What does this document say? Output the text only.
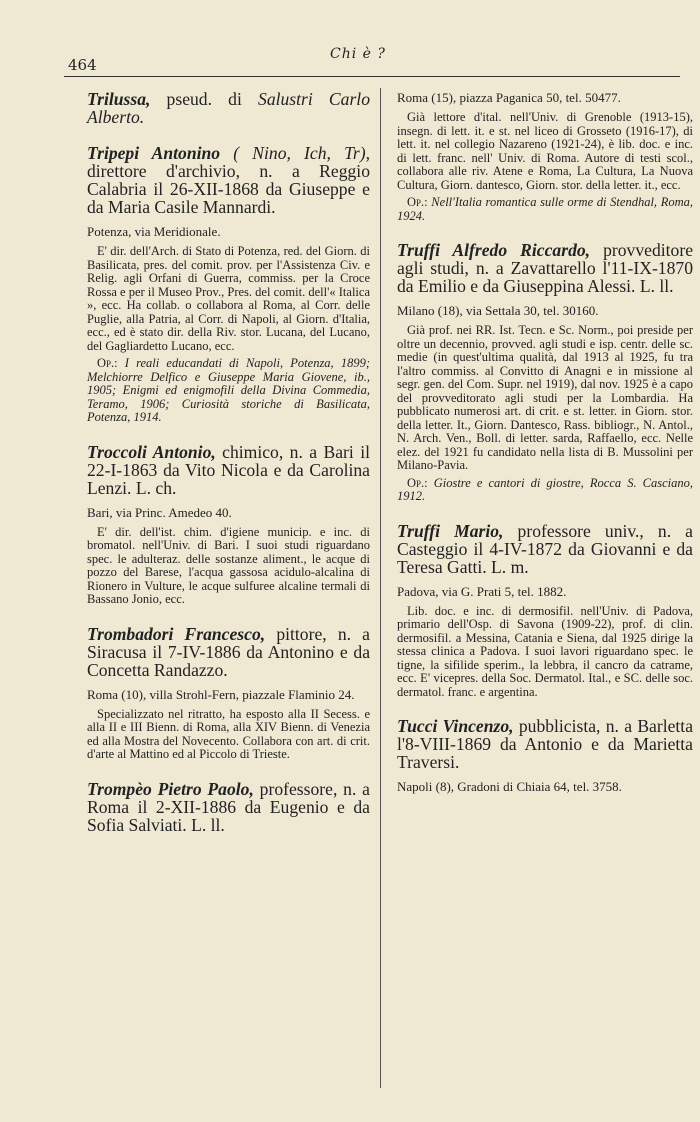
464
Chi è ?
Trilussa, pseud. di Salustri Carlo Alberto.
Tripepi Antonino ( Nino, Ich, Tr), direttore d'archivio, n. a Reggio Calabria il 26-XII-1868 da Giuseppe e da Maria Casile Mannardi.
Potenza, via Meridionale.
E' dir. dell'Arch. di Stato di Potenza, red. del Giorn. di Basilicata, pres. del comit. prov. per l'Assistenza Civ. e Relig. agli Orfani di Guerra, commiss. per la Croce Rossa e per il Museo Prov., Pres. del comit. dell'« Italica », ecc. Ha collab. o collabora al Roma, al Corr. delle Puglie, alla Patria, al Corr. di Napoli, al Giorn. d'Italia, ecc., ed è stato dir. della Riv. stor. Lucana, del Lucano, del Gagliardetto Lucano, ecc.
Op.: I reali educandati di Napoli, Potenza, 1899; Melchiorre Delfico e Giuseppe Maria Giovene, ib., 1905; Enigmi ed enigmofili della Divina Commedia, Teramo, 1906; Curiosità storiche di Basilicata, Potenza, 1914.
Troccoli Antonio, chimico, n. a Bari il 22-I-1863 da Vito Nicola e da Carolina Lenzi. L. ch.
Bari, via Princ. Amedeo 40.
E' dir. dell'ist. chim. d'igiene municip. e inc. di bromatol. nell'Univ. di Bari. I suoi studi riguardano spec. le adulteraz. delle sostanze aliment., le acque di pozzo del Barese, l'acqua gassosa acidulo-alcalina di Rionero in Vulture, le acque sulfuree alcaline termali di Bassano Jonio, ecc.
Trombadori Francesco, pittore, n. a Siracusa il 7-IV-1886 da Antonino e da Concetta Randazzo.
Roma (10), villa Strohl-Fern, piazzale Flaminio 24.
Specializzato nel ritratto, ha esposto alla II Secess. e alla II e III Bienn. di Roma, alla XIV Bienn. di Venezia ed alla Mostra del Novecento. Collabora con art. di crit. d'arte al Mattino ed al Piccolo di Trieste.
Trompèo Pietro Paolo, professore, n. a Roma il 2-XII-1886 da Eugenio e da Sofia Salviati. L. ll.
Roma (15), piazza Paganica 50, tel. 50477.
Già lettore d'ital. nell'Univ. di Grenoble (1913-15), insegn. di lett. it. e st. nel liceo di Grosseto (1916-17), di lett. it. nel collegio Nazareno (1921-24), è lib. doc. e inc. di lett. franc. nell' Univ. di Roma. Autore di testi scol., collabora alle riv. Atene e Roma, La Cultura, La Nuova Cultura, Giorn. dantesco, Giorn. stor. della letter. it., ecc.
Op.: Nell'Italia romantica sulle orme di Stendhal, Roma, 1924.
Truffi Alfredo Riccardo, provveditore agli studi, n. a Zavattarello l'11-IX-1870 da Emilio e da Giuseppina Alessi. L. ll.
Milano (18), via Settala 30, tel. 30160.
Già prof. nei RR. Ist. Tecn. e Sc. Norm., poi preside per oltre un decennio, provved. agli studi e isp. centr. delle sc. medie (in quest'ultima qualità, dal 1913 al 1925, fu tra l'altro commiss. al Convitto di Anagni e in missione al segr. gen. del Com. Supr. nel 1919), dal nov. 1925 è a capo del provveditorato agli studi per la Lombardia. Ha pubblicato numerosi art. di crit. e st. letter. in Giorn. stor. della letter. It., Giorn. Dantesco, Rass. bibliogr., N. Antol., N. Arch. Ven., Boll. di letter. sarda, Raffaello, ecc. Nelle elez. del 1921 fu candidato nella lista di B. Mussolini per Milano-Pavia.
Op.: Giostre e cantori di giostre, Rocca S. Casciano, 1912.
Truffi Mario, professore univ., n. a Casteggio il 4-IV-1872 da Giovanni e da Teresa Gatti. L. m.
Padova, via G. Prati 5, tel. 1882.
Lib. doc. e inc. di dermosifil. nell'Univ. di Padova, primario dell'Osp. di Savona (1909-22), prof. di clin. dermosifil. a Messina, Catania e Siena, dal 1925 dirige la stessa clinica a Padova. I suoi lavori riguardano spec. le tigne, la sifilide sperim., la lebbra, il cancro da catrame, ecc. E' vicepres. della Soc. Dermatol. Ital., e SC. delle soc. dermatol. franc. e argentina.
Tucci Vincenzo, pubblicista, n. a Barletta l'8-VIII-1869 da Antonio e da Marietta Traversi.
Napoli (8), Gradoni di Chiaia 64, tel. 3758.
